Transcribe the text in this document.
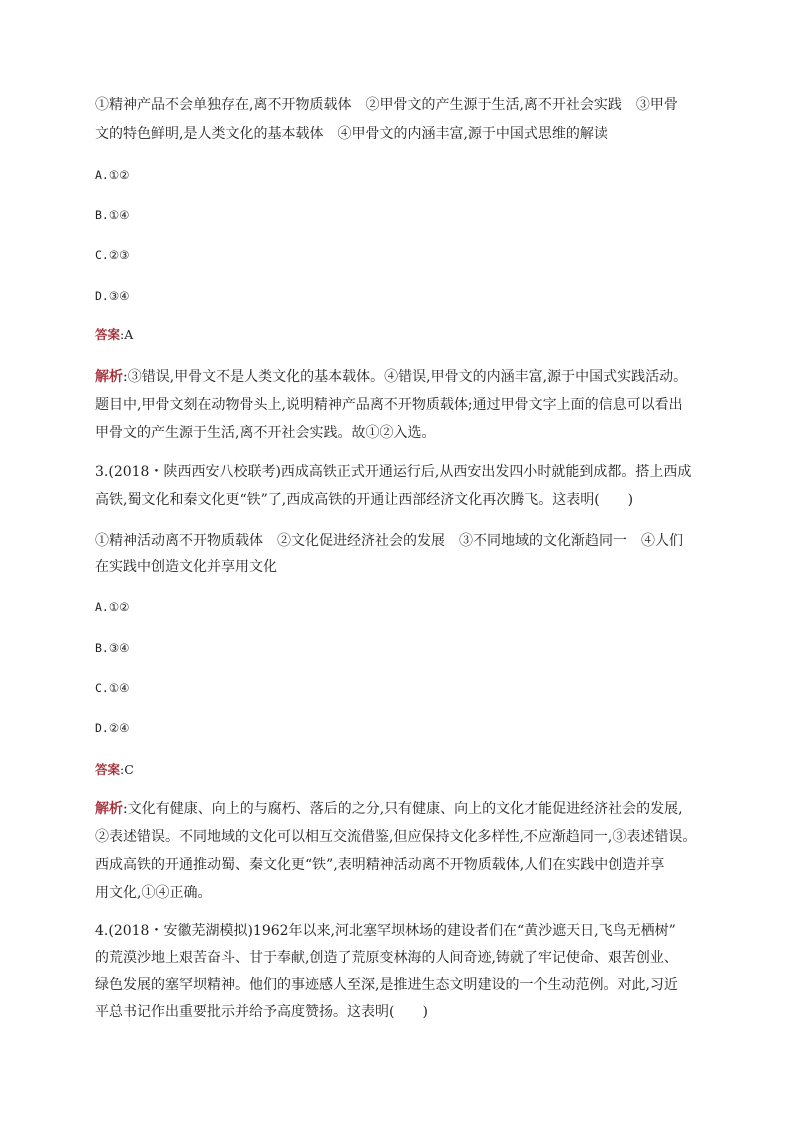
①精神产品不会单独存在,离不开物质载体　②甲骨文的产生源于生活,离不开社会实践　③甲骨
文的特色鲜明,是人类文化的基本载体　④甲骨文的内涵丰富,源于中国式思维的解读
A.①②
B.①④
C.②③
D.③④
答案:A
解析:③错误,甲骨文不是人类文化的基本载体。④错误,甲骨文的内涵丰富,源于中国式实践活动。
题目中,甲骨文刻在动物骨头上,说明精神产品离不开物质载体;通过甲骨文字上面的信息可以看出
甲骨文的产生源于生活,离不开社会实践。故①②入选。
3.(2018・陕西西安八校联考)西成高铁正式开通运行后,从西安出发四小时就能到成都。搭上西成
高铁,蜀文化和秦文化更“铁”了,西成高铁的开通让西部经济文化再次腾飞。这表明(　　)
①精神活动离不开物质载体　②文化促进经济社会的发展　③不同地域的文化渐趋同一　④人们
在实践中创造文化并享用文化
A.①②
B.③④
C.①④
D.②④
答案:C
解析:文化有健康、向上的与腐朽、落后的之分,只有健康、向上的文化才能促进经济社会的发展,
②表述错误。不同地域的文化可以相互交流借鉴,但应保持文化多样性,不应渐趋同一,③表述错误。
西成高铁的开通推动蜀、秦文化更“铁”,表明精神活动离不开物质载体,人们在实践中创造并享
用文化,①④正确。
4.(2018・安徽芜湖模拟)1962年以来,河北塞罕坝林场的建设者们在“黄沙遮天日,飞鸟无栖树”
的荒漠沙地上艰苦奋斗、甘于奉献,创造了荒原变林海的人间奇迹,铸就了牢记使命、艰苦创业、
绿色发展的塞罕坝精神。他们的事迹感人至深,是推进生态文明建设的一个生动范例。对此,习近
平总书记作出重要批示并给予高度赞扬。这表明(　　)
